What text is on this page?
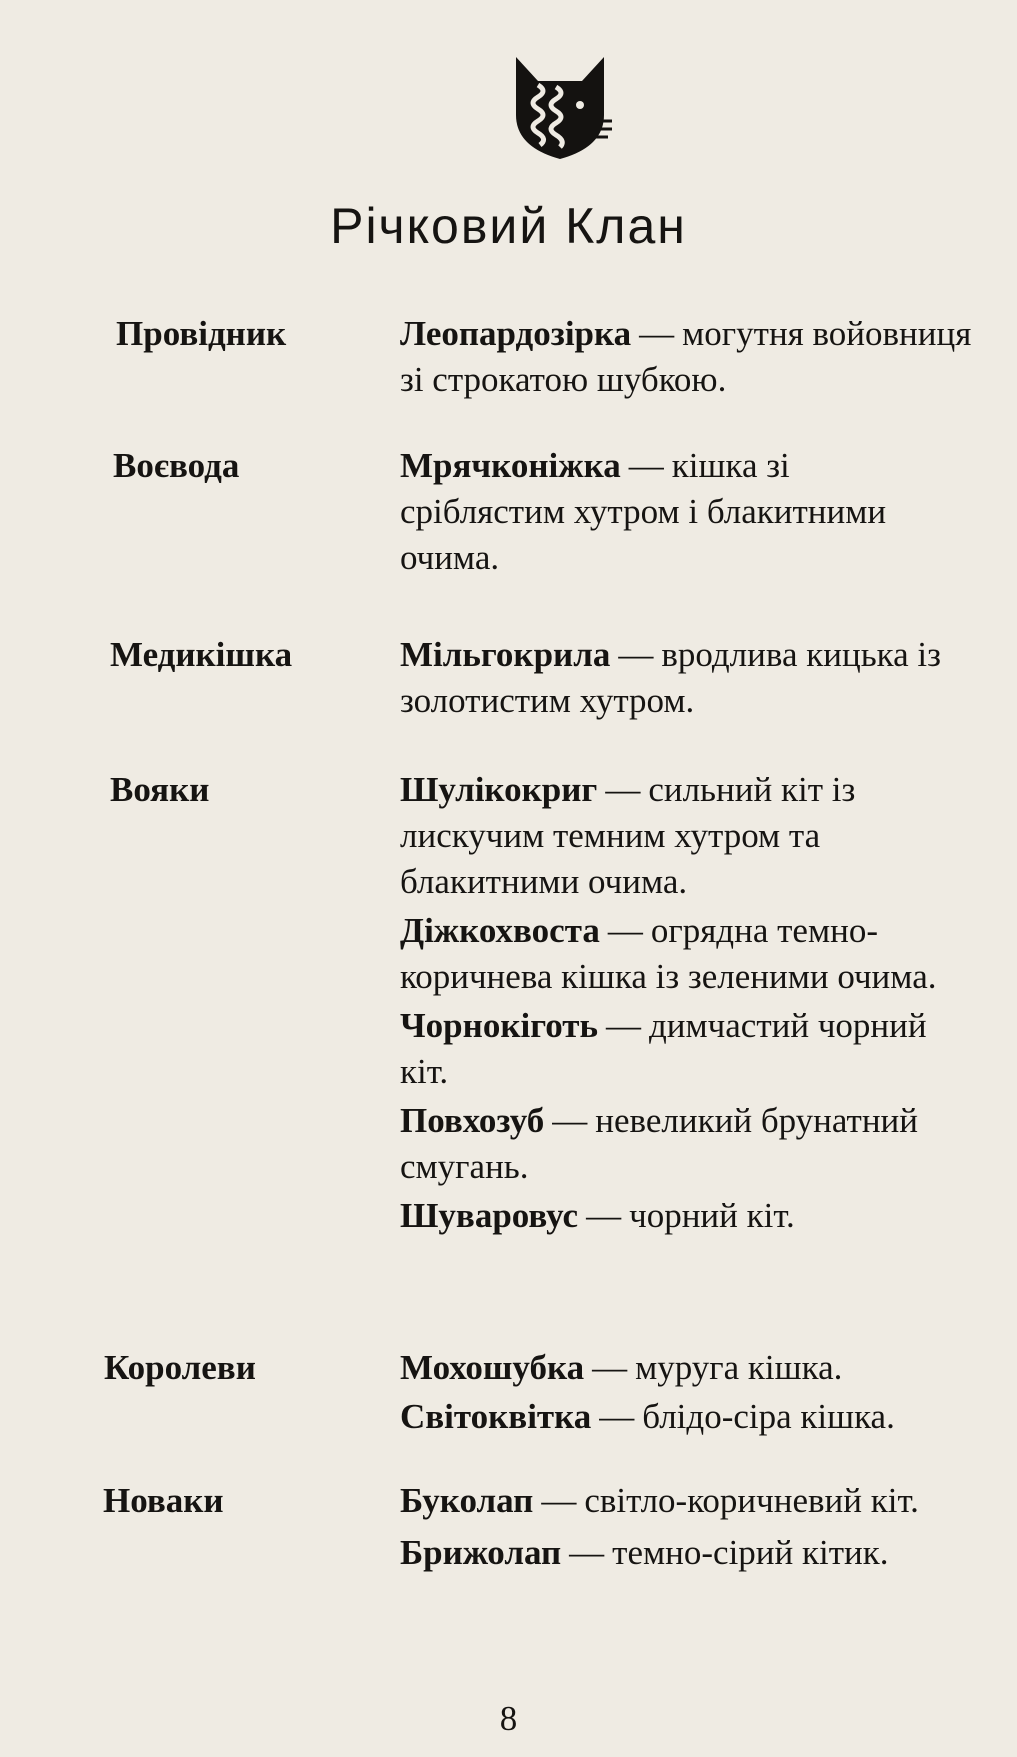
Річковий Клан
Провідник	Леопардозірка — могутня войовниця зі строкатою шубкою.
Воєвода	Мрячконіжка — кішка зі сріблястим хутром і блакитними очима.
Медикішка	Мільгокрила — вродлива кицька із золотистим хутром.
Вояки	Шулікокриг — сильний кіт із лискучим темним хутром та блакитними очима.
Діжкохвоста — огрядна темно-коричнева кішка із зеленими очима.
Чорнокіготь — димчастий чорний кіт.
Повхозуб — невеликий брунатний смугань.
Шуваровус — чорний кіт.
Королеви	Мохошубка — муруга кішка.
Світоквітка — блідо-сіра кішка.
Новаки	Буколап — світло-коричневий кіт.
Брижолап — темно-сірий кітик.
8
